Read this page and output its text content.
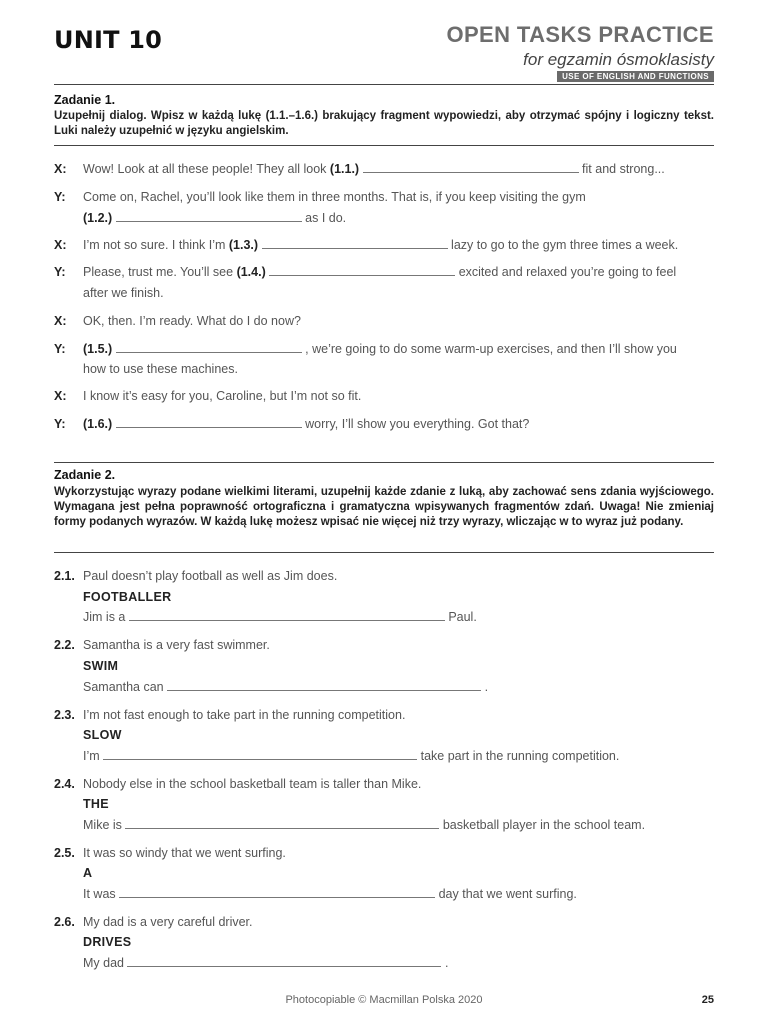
UNIT 10	OPEN TASKS PRACTICE
for egzamin ósmoklasisty
USE OF ENGLISH AND FUNCTIONS
Zadanie 1.
Uzupełnij dialog. Wpisz w każdą lukę (1.1.–1.6.) brakujący fragment wypowiedzi, aby otrzymać spójny i logiczny tekst. Luki należy uzupełnić w języku angielskim.
X: Wow! Look at all these people! They all look (1.1.)	fit and strong...
Y: Come on, Rachel, you’ll look like them in three months. That is, if you keep visiting the gym
(1.2.)	as I do.
X: I’m not so sure. I think I’m (1.3.)	lazy to go to the gym three times a week.
Y: Please, trust me. You’ll see (1.4.)	excited and relaxed you’re going to feel
after we finish.
X: OK, then. I’m ready. What do I do now?
Y: (1.5.)	, we’re going to do some warm-up exercises, and then I’ll show you
how to use these machines.
X: I know it’s easy for you, Caroline, but I’m not so fit.
Y: (1.6.)	worry, I’ll show you everything. Got that?
Zadanie 2.
Wykorzystując wyrazy podane wielkimi literami, uzupełnij każde zdanie z luką, aby zachować sens zdania wyjściowego. Wymagana jest pełna poprawność ortograficzna i gramatyczna wpisywanych fragmentów zdań. Uwaga! Nie zmieniaj formy podanych wyrazów. W każdą lukę możesz wpisać nie więcej niż trzy wyrazy, wliczając w to wyraz już podany.
2.1. Paul doesn’t play football as well as Jim does.
FOOTBALLER
Jim is a	Paul.
2.2. Samantha is a very fast swimmer.
SWIM
Samantha can	.
2.3. I’m not fast enough to take part in the running competition.
SLOW
I’m	take part in the running competition.
2.4. Nobody else in the school basketball team is taller than Mike.
THE
Mike is	basketball player in the school team.
2.5. It was so windy that we went surfing.
A
It was	day that we went surfing.
2.6. My dad is a very careful driver.
DRIVES
My dad	.
Photocopiable © Macmillan Polska 2020	25
